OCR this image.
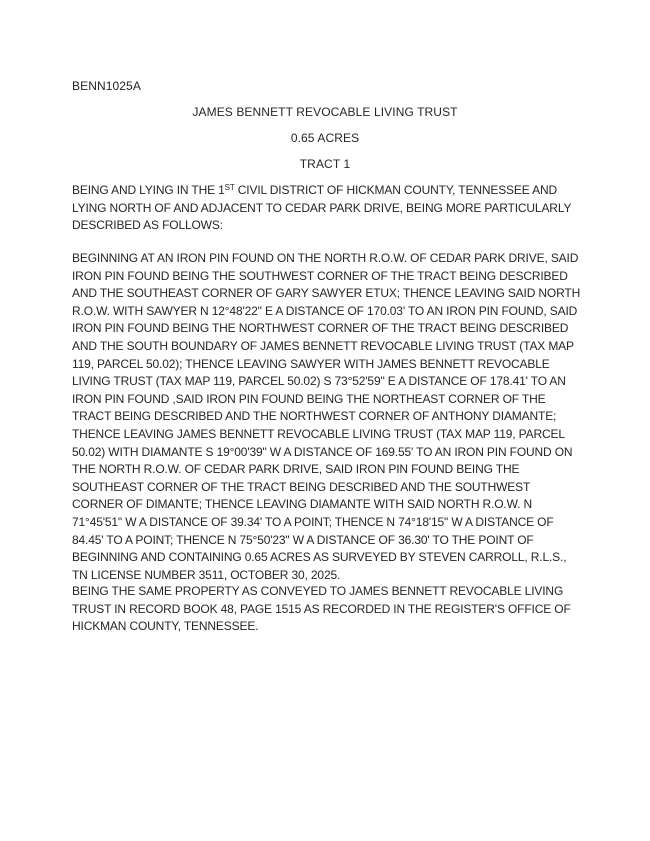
BENN1025A
JAMES BENNETT REVOCABLE LIVING TRUST
0.65 ACRES
TRACT 1

BEING AND LYING IN THE 1ST CIVIL DISTRICT OF HICKMAN COUNTY, TENNESSEE AND LYING NORTH OF AND ADJACENT TO CEDAR PARK DRIVE, BEING MORE PARTICULARLY DESCRIBED AS FOLLOWS:

BEGINNING AT AN IRON PIN FOUND ON THE NORTH R.O.W. OF CEDAR PARK DRIVE, SAID IRON PIN FOUND BEING THE SOUTHWEST CORNER OF THE TRACT BEING DESCRIBED AND THE SOUTHEAST CORNER OF GARY SAWYER ETUX; THENCE LEAVING SAID NORTH R.O.W. WITH SAWYER N 12°48'22" E A DISTANCE OF 170.03' TO AN IRON PIN FOUND, SAID IRON PIN FOUND BEING THE NORTHWEST CORNER OF THE TRACT BEING DESCRIBED AND THE SOUTH BOUNDARY OF JAMES BENNETT REVOCABLE LIVING TRUST (TAX MAP 119, PARCEL 50.02); THENCE LEAVING SAWYER WITH JAMES BENNETT REVOCABLE LIVING TRUST (TAX MAP 119, PARCEL 50.02) S 73°52'59" E A DISTANCE OF 178.41' TO AN IRON PIN FOUND ,SAID IRON PIN FOUND BEING THE NORTHEAST CORNER OF THE TRACT BEING DESCRIBED AND THE NORTHWEST CORNER OF ANTHONY DIAMANTE; THENCE LEAVING JAMES BENNETT REVOCABLE LIVING TRUST (TAX MAP 119, PARCEL 50.02) WITH DIAMANTE S 19°00'39" W A DISTANCE OF 169.55' TO AN IRON PIN FOUND ON THE NORTH R.O.W. OF CEDAR PARK DRIVE, SAID IRON PIN FOUND BEING THE SOUTHEAST CORNER OF THE TRACT BEING DESCRIBED AND THE SOUTHWEST CORNER OF DIMANTE; THENCE LEAVING DIAMANTE WITH SAID NORTH R.O.W. N 71°45'51" W A DISTANCE OF 39.34' TO A POINT; THENCE N 74°18'15" W A DISTANCE OF 84.45' TO A POINT; THENCE N 75°50'23" W A DISTANCE OF 36.30' TO THE POINT OF BEGINNING AND CONTAINING 0.65 ACRES AS SURVEYED BY STEVEN CARROLL, R.L.S., TN LICENSE NUMBER 3511, OCTOBER 30, 2025.

BEING THE SAME PROPERTY AS CONVEYED TO JAMES BENNETT REVOCABLE LIVING TRUST IN RECORD BOOK 48, PAGE 1515 AS RECORDED IN THE REGISTER'S OFFICE OF HICKMAN COUNTY, TENNESSEE.
